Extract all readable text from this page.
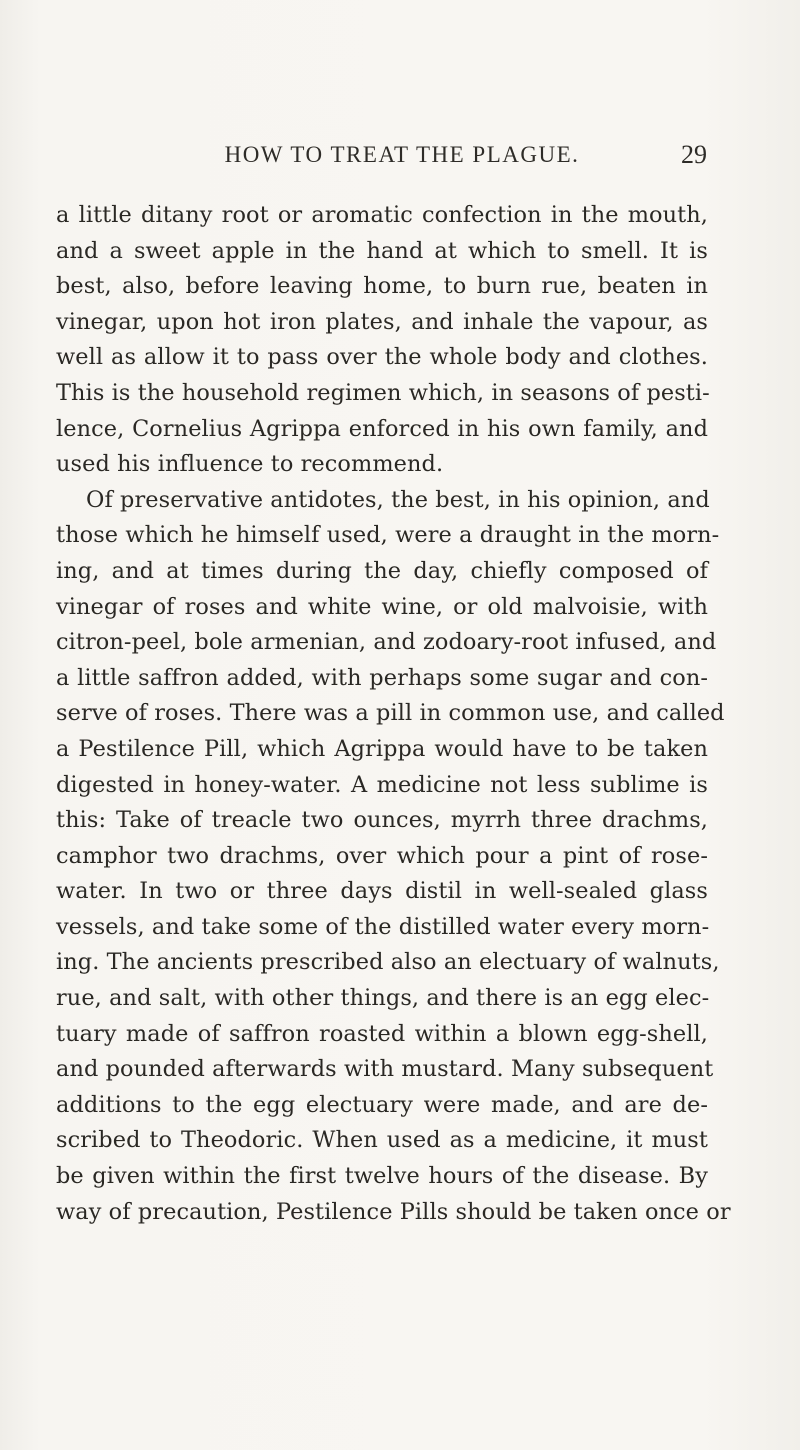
HOW TO TREAT THE PLAGUE.	29
a little ditany root or aromatic confection in the mouth,
and a sweet apple in the hand at which to smell. It is
best, also, before leaving home, to burn rue, beaten in
vinegar, upon hot iron plates, and inhale the vapour, as
well as allow it to pass over the whole body and clothes.
This is the household regimen which, in seasons of pesti-
lence, Cornelius Agrippa enforced in his own family, and
used his influence to recommend.
Of preservative antidotes, the best, in his opinion, and
those which he himself used, were a draught in the morn-
ing, and at times during the day, chiefly composed of
vinegar of roses and white wine, or old malvoisie, with
citron-peel, bole armenian, and zodoary-root infused, and
a little saffron added, with perhaps some sugar and con-
serve of roses. There was a pill in common use, and called
a Pestilence Pill, which Agrippa would have to be taken
digested in honey-water. A medicine not less sublime is
this: Take of treacle two ounces, myrrh three drachms,
camphor two drachms, over which pour a pint of rose-
water. In two or three days distil in well-sealed glass
vessels, and take some of the distilled water every morn-
ing. The ancients prescribed also an electuary of walnuts,
rue, and salt, with other things, and there is an egg elec-
tuary made of saffron roasted within a blown egg-shell,
and pounded afterwards with mustard. Many subsequent
additions to the egg electuary were made, and are de-
scribed to Theodoric. When used as a medicine, it must
be given within the first twelve hours of the disease. By
way of precaution, Pestilence Pills should be taken once or
